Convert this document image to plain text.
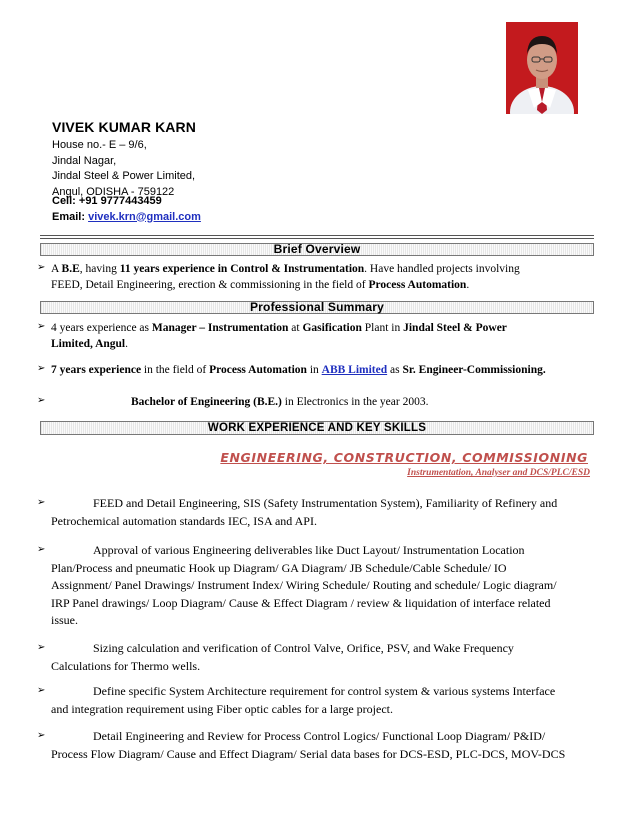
VIVEK KUMAR KARN
House no.- E – 9/6,
Jindal Nagar,
Jindal Steel & Power Limited,
Angul, ODISHA - 759122
Cell: +91 9777443459
Email: vivek.krn@gmail.com
Brief Overview
➢ A B.E, having 11 years experience in Control & Instrumentation. Have handled projects involving
FEED, Detail Engineering, erection & commissioning in the field of Process Automation.
Professional Summary
➢ 4 years experience as Manager – Instrumentation at Gasification Plant in Jindal Steel & Power
Limited, Angul.
➢ 7 years experience in the field of Process Automation in ABB Limited as Sr. Engineer-Commissioning.
➢	Bachelor of Engineering (B.E.) in Electronics in the year 2003.
WORK EXPERIENCE AND KEY SKILLS
ENGINEERING, CONSTRUCTION, COMMISSIONING
Instrumentation, Analyser and DCS/PLC/ESD
➢	FEED and Detail Engineering, SIS (Safety Instrumentation System), Familiarity of Refinery and
Petrochemical automation standards IEC, ISA and API.
➢	Approval of various Engineering deliverables like Duct Layout/ Instrumentation Location
Plan/Process and pneumatic Hook up Diagram/ GA Diagram/ JB Schedule/Cable Schedule/ IO
Assignment/ Panel Drawings/ Instrument Index/ Wiring Schedule/ Routing and schedule/ Logic diagram/
IRP Panel drawings/ Loop Diagram/ Cause & Effect Diagram / review & liquidation of interface related
issue.
➢	Sizing calculation and verification of Control Valve, Orifice, PSV, and Wake Frequency
Calculations for Thermo wells.
➢	Define specific System Architecture requirement for control system & various systems Interface
and integration requirement using Fiber optic cables for a large project.
➢	Detail Engineering and Review for Process Control Logics/ Functional Loop Diagram/ P&ID/
Process Flow Diagram/ Cause and Effect Diagram/ Serial data bases for DCS-ESD, PLC-DCS, MOV-DCS
